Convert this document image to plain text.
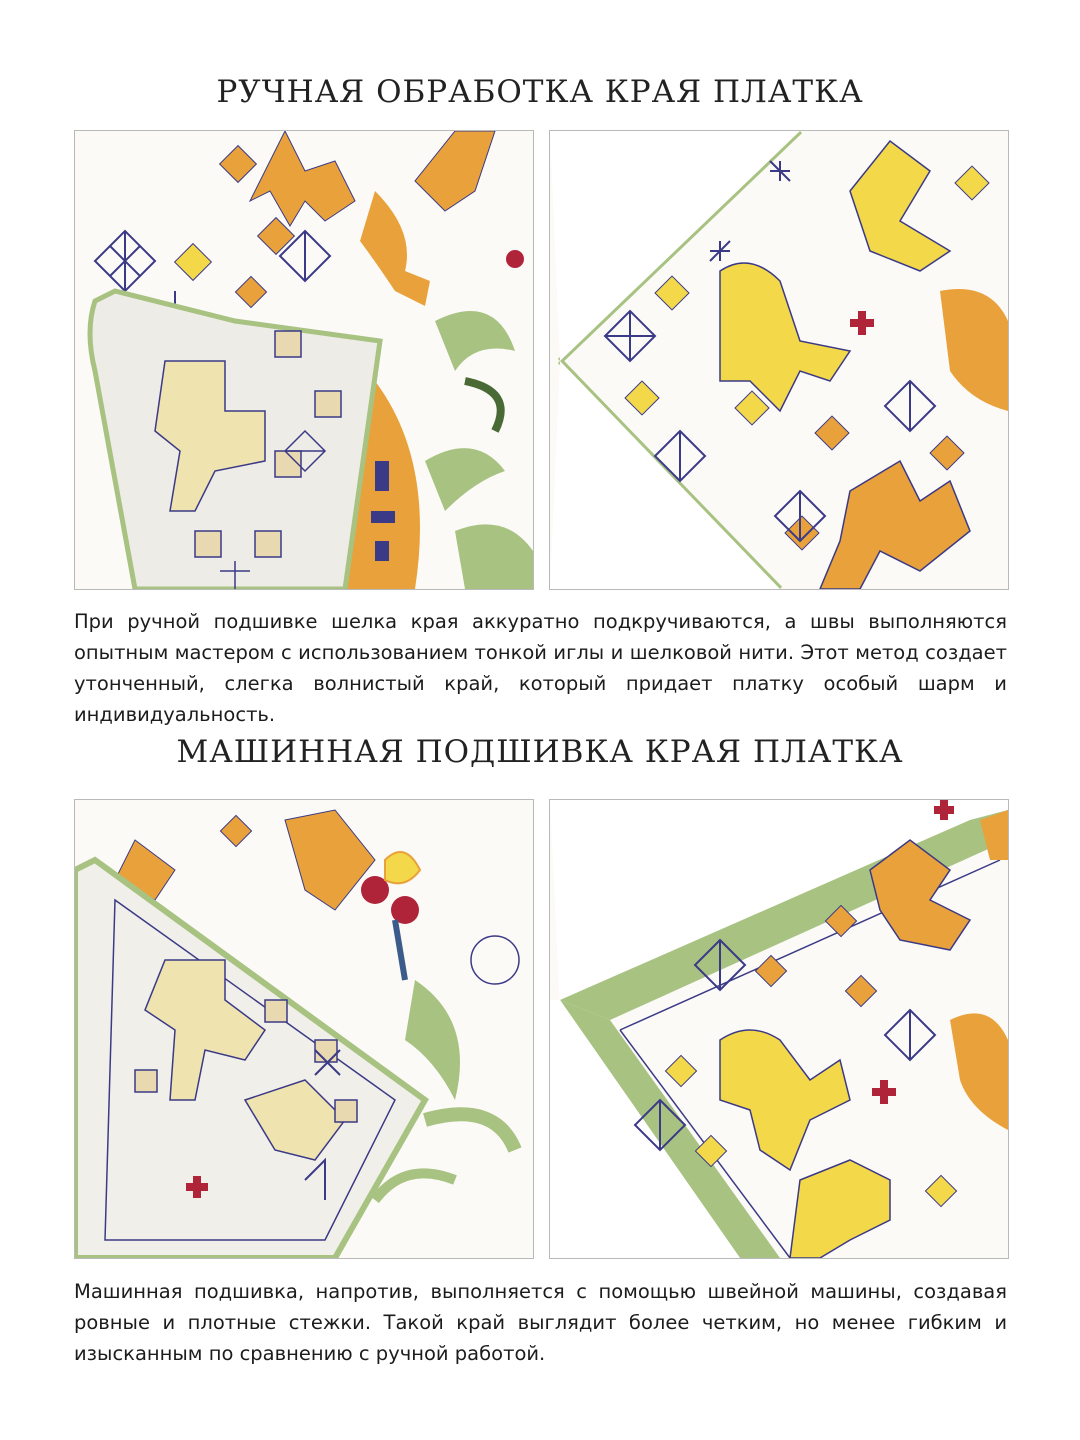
РУЧНАЯ ОБРАБОТКА КРАЯ ПЛАТКА
При ручной подшивке шелка края аккуратно подкручиваются, а швы выполняются опытным мастером с использованием тонкой иглы и шелковой нити. Этот метод создает утонченный, слегка волнистый край, который придает платку особый шарм и индивидуальность.
МАШИННАЯ ПОДШИВКА КРАЯ ПЛАТКА
Машинная подшивка, напротив, выполняется с помощью швейной машины, создавая ровные и плотные стежки. Такой край выглядит более четким, но менее гибким и изысканным по сравнению с ручной работой.
